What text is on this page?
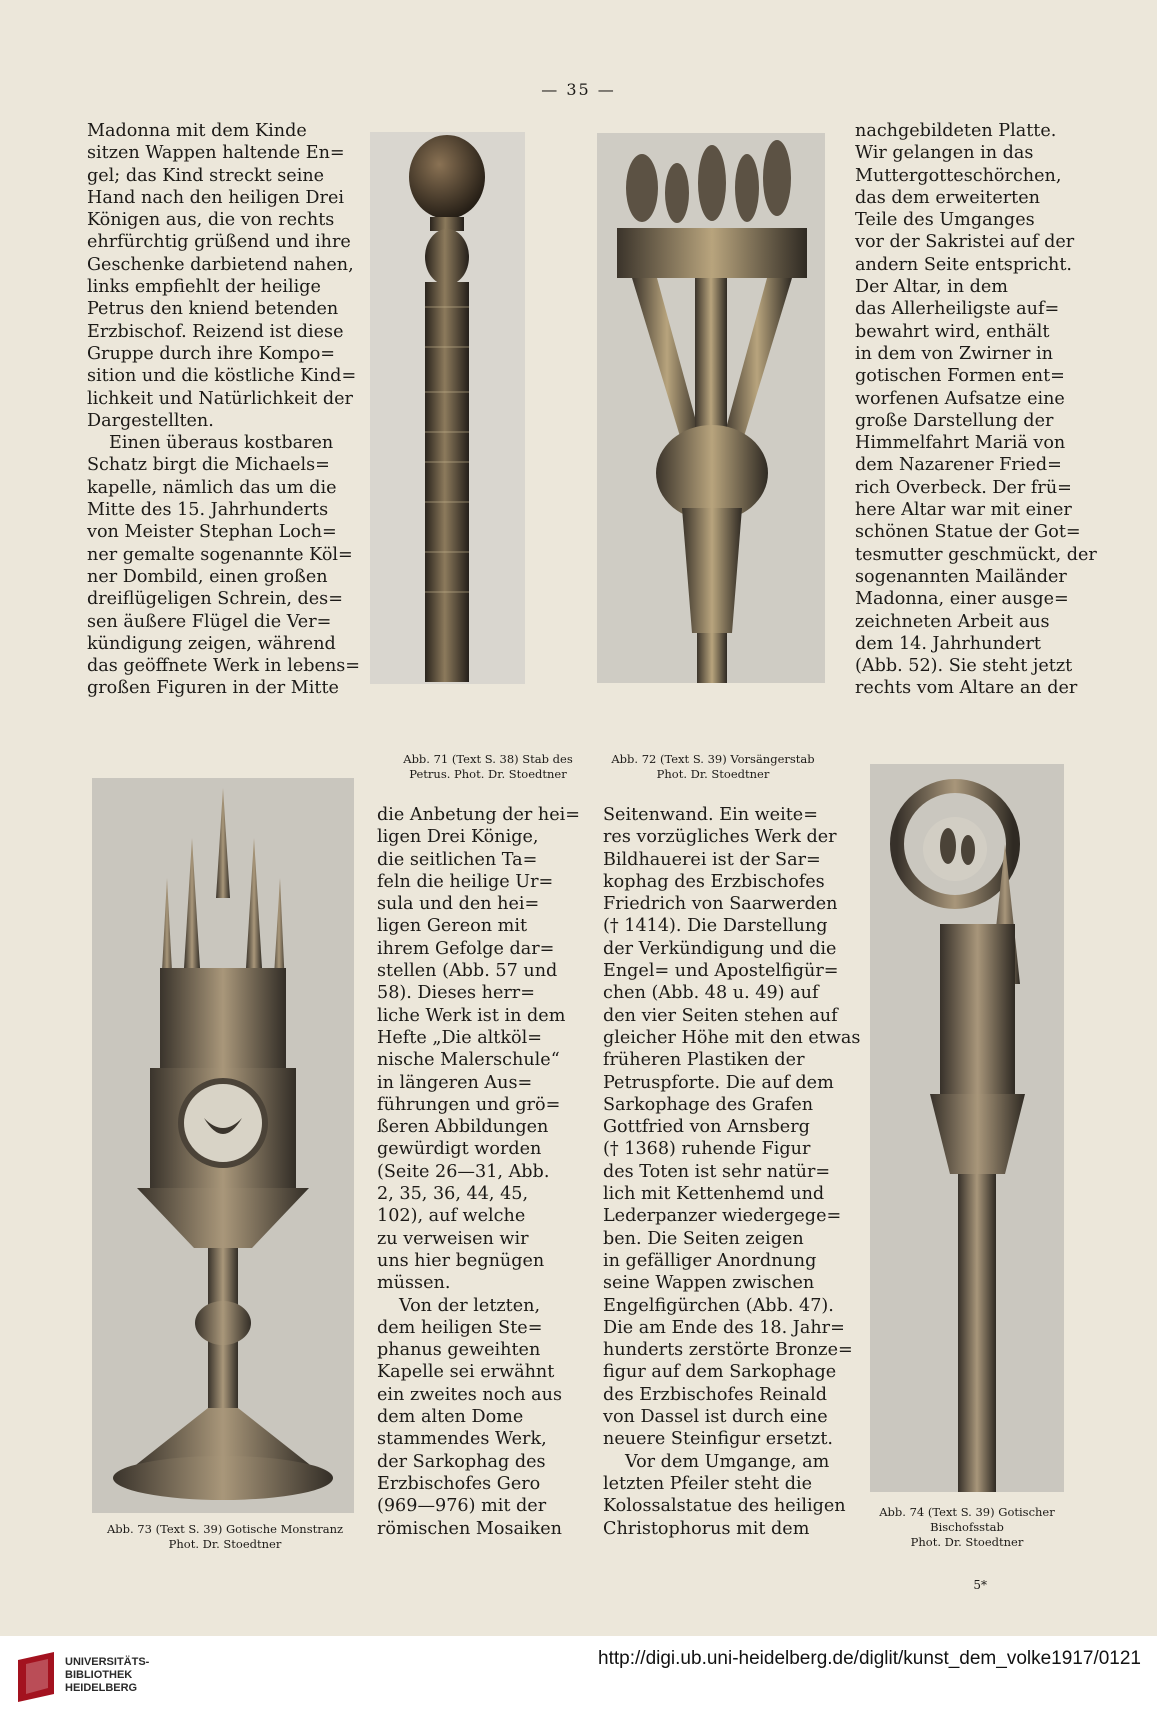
— 35 —
Madonna mit dem Kinde
sitzen Wappen haltende En=
gel; das Kind streckt seine
Hand nach den heiligen Drei
Königen aus, die von rechts
ehrfürchtig grüßend und ihre
Geschenke darbietend nahen,
links empfiehlt der heilige
Petrus den kniend betenden
Erzbischof. Reizend ist diese
Gruppe durch ihre Kompo=
sition und die köstliche Kind=
lichkeit und Natürlichkeit der
Dargestellten.
Einen überaus kostbaren
Schatz birgt die Michaels=
kapelle, nämlich das um die
Mitte des 15. Jahrhunderts
von Meister Stephan Loch=
ner gemalte sogenannte Köl=
ner Dombild, einen großen
dreiflügeligen Schrein, des=
sen äußere Flügel die Ver=
kündigung zeigen, während
das geöffnete Werk in lebens=
großen Figuren in der Mitte
nachgebildeten Platte.
Wir gelangen in das
Muttergotteschörchen,
das dem erweiterten
Teile des Umganges
vor der Sakristei auf der
andern Seite entspricht.
Der Altar, in dem
das Allerheiligste auf=
bewahrt wird, enthält
in dem von Zwirner in
gotischen Formen ent=
worfenen Aufsatze eine
große Darstellung der
Himmelfahrt Mariä von
dem Nazarener Fried=
rich Overbeck. Der frü=
here Altar war mit einer
schönen Statue der Got=
tesmutter geschmückt, der
sogenannten Mailänder
Madonna, einer ausge=
zeichneten Arbeit aus
dem 14. Jahrhundert
(Abb. 52). Sie steht jetzt
rechts vom Altare an der
Abb. 71 (Text S. 38) Stab des
Petrus. Phot. Dr. Stoedtner
Abb. 72 (Text S. 39) Vorsängerstab
Phot. Dr. Stoedtner
die Anbetung der hei=
ligen Drei Könige,
die seitlichen Ta=
feln die heilige Ur=
sula und den hei=
ligen Gereon mit
ihrem Gefolge dar=
stellen (Abb. 57 und
58). Dieses herr=
liche Werk ist in dem
Hefte „Die altköl=
nische Malerschule“
in längeren Aus=
führungen und grö=
ßeren Abbildungen
gewürdigt worden
(Seite 26—31, Abb.
2, 35, 36, 44, 45,
102), auf welche
zu verweisen wir
uns hier begnügen
müssen.
Von der letzten,
dem heiligen Ste=
phanus geweihten
Kapelle sei erwähnt
ein zweites noch aus
dem alten Dome
stammendes Werk,
der Sarkophag des
Erzbischofes Gero
(969—976) mit der
römischen Mosaiken
Seitenwand. Ein weite=
res vorzügliches Werk der
Bildhauerei ist der Sar=
kophag des Erzbischofes
Friedrich von Saarwerden
(† 1414). Die Darstellung
der Verkündigung und die
Engel= und Apostelfigür=
chen (Abb. 48 u. 49) auf
den vier Seiten stehen auf
gleicher Höhe mit den etwas
früheren Plastiken der
Petruspforte. Die auf dem
Sarkophage des Grafen
Gottfried von Arnsberg
(† 1368) ruhende Figur
des Toten ist sehr natür=
lich mit Kettenhemd und
Lederpanzer wiedergege=
ben. Die Seiten zeigen
in gefälliger Anordnung
seine Wappen zwischen
Engelfigürchen (Abb. 47).
Die am Ende des 18. Jahr=
hunderts zerstörte Bronze=
figur auf dem Sarkophage
des Erzbischofes Reinald
von Dassel ist durch eine
neuere Steinfigur ersetzt.
Vor dem Umgange, am
letzten Pfeiler steht die
Kolossalstatue des heiligen
Christophorus mit dem
Abb. 73 (Text S. 39) Gotische Monstranz
Phot. Dr. Stoedtner
Abb. 74 (Text S. 39) Gotischer
Bischofsstab
Phot. Dr. Stoedtner
5*
UNIVERSITÄTS-
BIBLIOTHEK
HEIDELBERG
http://digi.ub.uni-heidelberg.de/diglit/kunst_dem_volke1917/0121
